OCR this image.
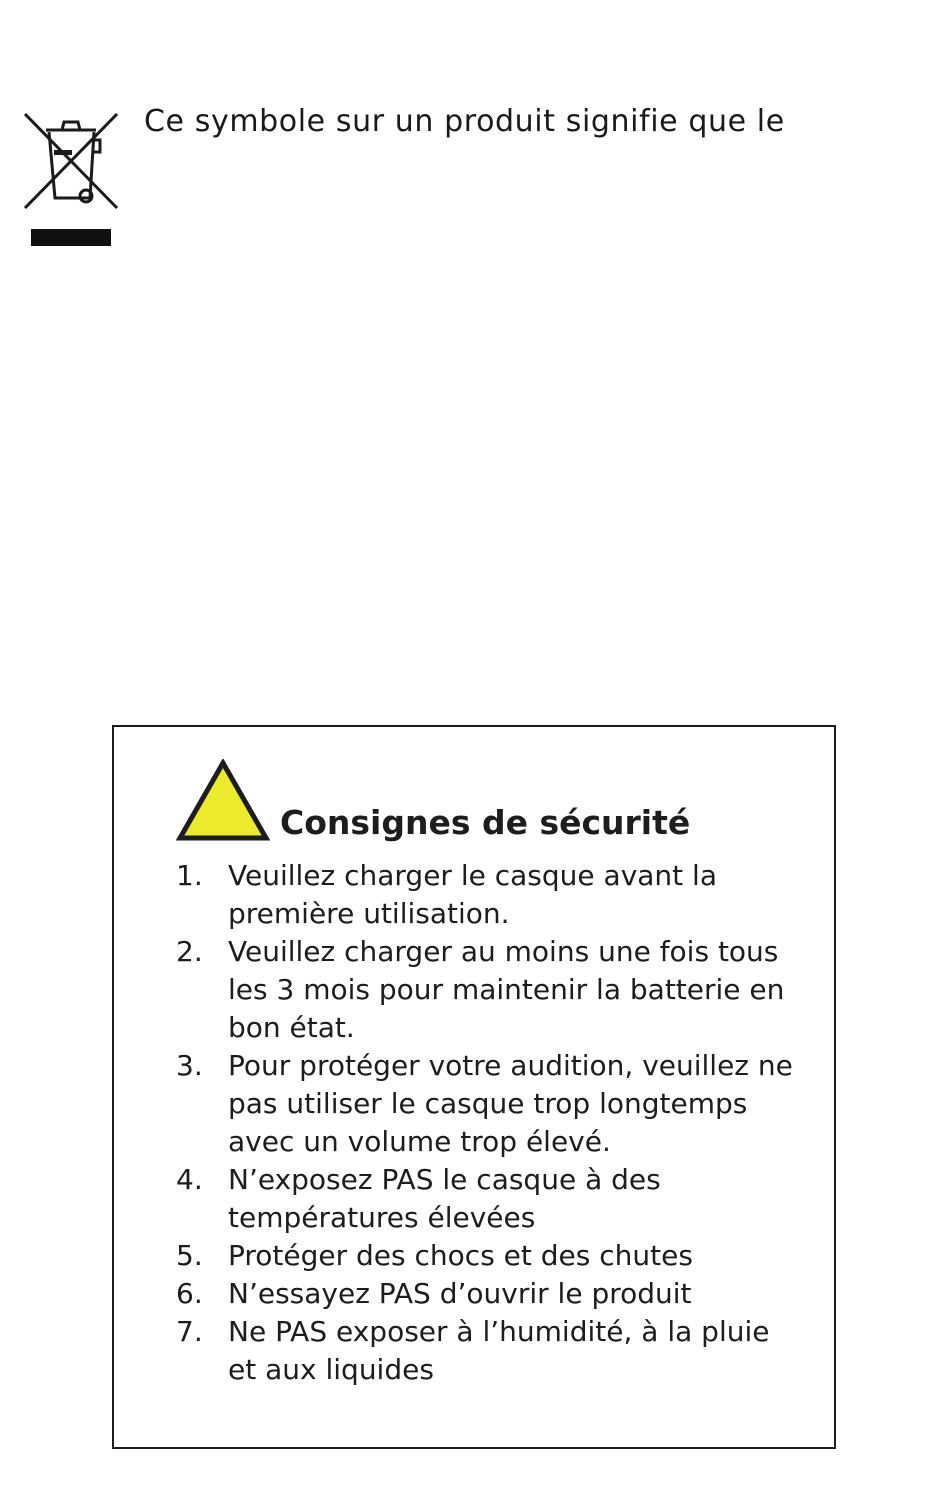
Ce symbole sur un produit signifie que le
Consignes de sécurité
1. Veuillez charger le casque avant la première utilisation.
2. Veuillez charger au moins une fois tous les 3 mois pour maintenir la batterie en bon état.
3. Pour protéger votre audition, veuillez ne pas utiliser le casque trop longtemps avec un volume trop élevé.
4. N’exposez PAS le casque à des températures élevées
5. Protéger des chocs et des chutes
6. N’essayez PAS d’ouvrir le produit
7. Ne PAS exposer à l’humidité, à la pluie et aux liquides
